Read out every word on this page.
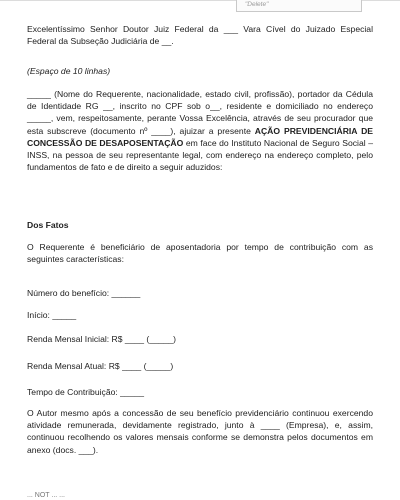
"Delete"

Excelentíssimo Senhor Doutor Juiz Federal da ___ Vara Cível do Juizado Especial Federal da Subseção Judiciária de __.

(Espaço de 10 linhas)

_____ (Nome do Requerente, nacionalidade, estado civil, profissão), portador da Cédula de Identidade RG __, inscrito no CPF sob o__, residente e domiciliado no endereço _____, vem, respeitosamente, perante Vossa Excelência, através de seu procurador que esta subscreve (documento nº ____), ajuizar a presente AÇÃO PREVIDENCIÁRIA DE CONCESSÃO DE DESAPOSENTAÇÃO em face do Instituto Nacional de Seguro Social – INSS, na pessoa de seu representante legal, com endereço na endereço completo, pelo fundamentos de fato e de direito a seguir aduzidos:

Dos Fatos

O Requerente é beneficiário de aposentadoria por tempo de contribuição com as seguintes características:

Número do benefício: ______

Início: _____

Renda Mensal Inicial: R$ ____ (_____)

Renda Mensal Atual: R$ ____ (_____)

Tempo de Contribuição: _____

O Autor mesmo após a concessão de seu benefício previdenciário continuou exercendo atividade remunerada, devidamente registrado, junto à ____ (Empresa), e, assim, continuou recolhendo os valores mensais conforme se demonstra pelos documentos em anexo (docs. ___).

... NOT ... ...
